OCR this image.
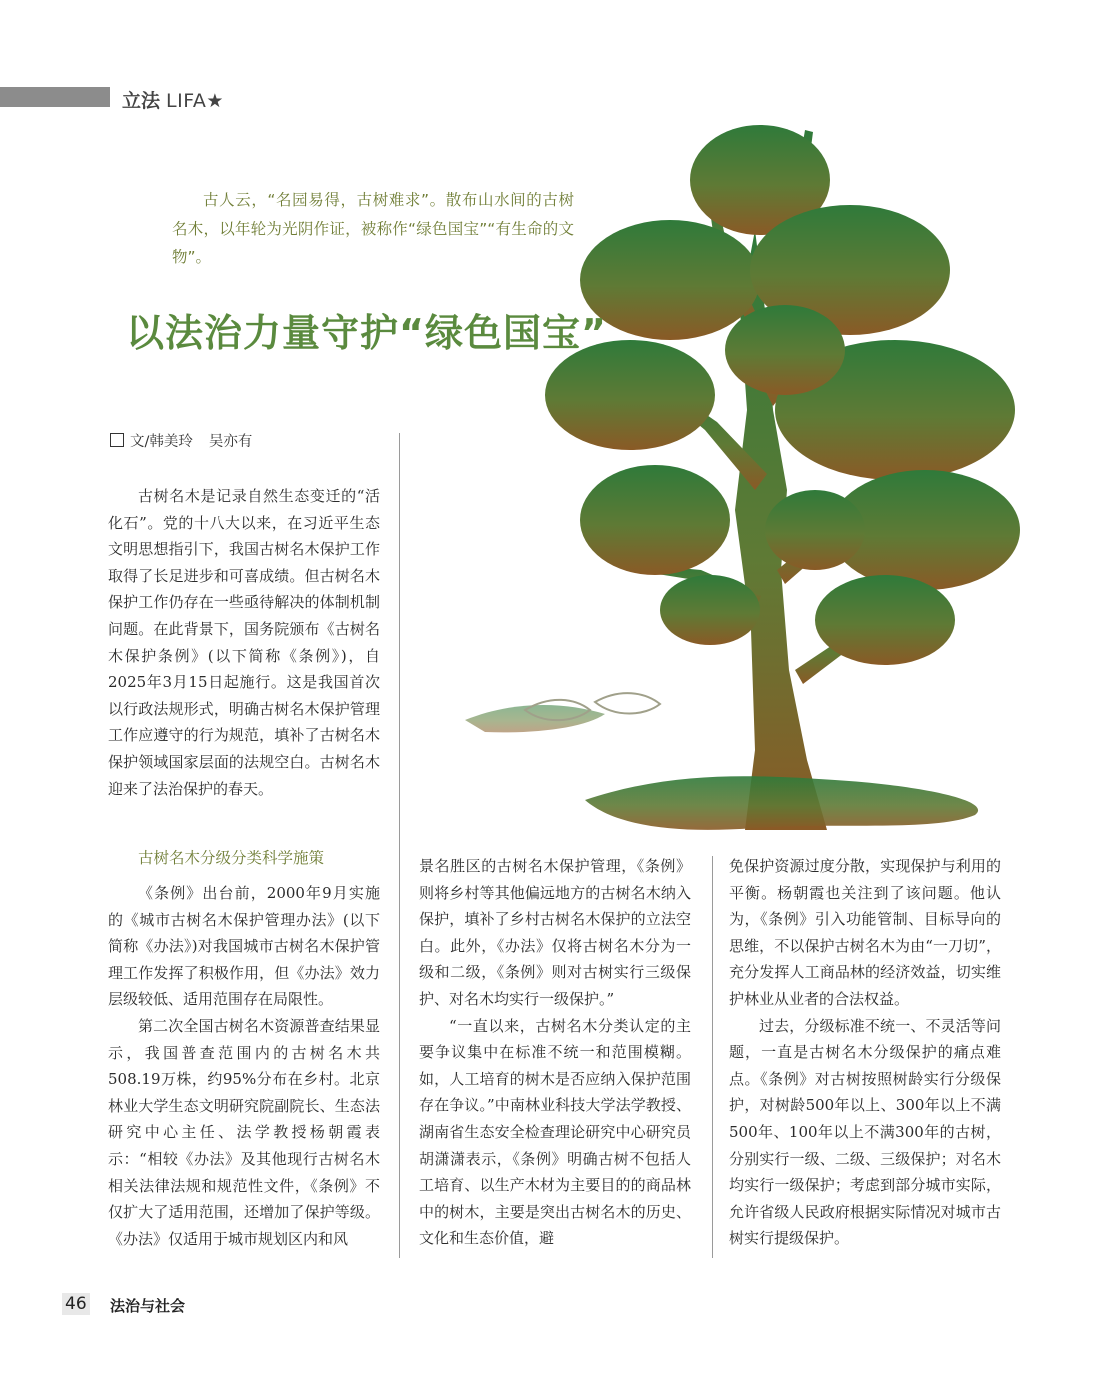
立法 LIFA★

古人云，“名园易得，古树难求”。散布山水间的古树名木，以年轮为光阴作证，被称作“绿色国宝”“有生命的文物”。

以法治力量守护“绿色国宝”
文/韩美玲 吴亦有

古树名木是记录自然生态变迁的“活化石”。党的十八大以来，在习近平生态文明思想指引下，我国古树名木保护工作取得了长足进步和可喜成绩。但古树名木保护工作仍存在一些亟待解决的体制机制问题。在此背景下，国务院颁布《古树名木保护条例》(以下简称《条例》)，自2025年3月15日起施行。这是我国首次以行政法规形式，明确古树名木保护管理工作应遵守的行为规范，填补了古树名木保护领域国家层面的法规空白。古树名木迎来了法治保护的春天。

古树名木分级分类科学施策

《条例》出台前，2000年9月实施的《城市古树名木保护管理办法》(以下简称《办法》)对我国城市古树名木保护管理工作发挥了积极作用，但《办法》效力层级较低、适用范围存在局限性。

第二次全国古树名木资源普查结果显示，我国普查范围内的古树名木共508.19万株，约95%分布在乡村。北京林业大学生态文明研究院副院长、生态法研究中心主任、法学教授杨朝霞表示：“相较《办法》及其他现行古树名木相关法律法规和规范性文件，《条例》不仅扩大了适用范围，还增加了保护等级。《办法》仅适用于城市规划区内和风

景名胜区的古树名木保护管理，《条例》则将乡村等其他偏远地方的古树名木纳入保护，填补了乡村古树名木保护的立法空白。此外，《办法》仅将古树名木分为一级和二级，《条例》则对古树实行三级保护、对名木均实行一级保护。”

“一直以来，古树名木分类认定的主要争议集中在标准不统一和范围模糊。如，人工培育的树木是否应纳入保护范围存在争议。”中南林业科技大学法学教授、湖南省生态安全检查理论研究中心研究员胡潇潇表示，《条例》明确古树不包括人工培育、以生产木材为主要目的的商品林中的树木，主要是突出古树名木的历史、文化和生态价值，避

免保护资源过度分散，实现保护与利用的平衡。杨朝霞也关注到了该问题。他认为，《条例》引入功能管制、目标导向的思维，不以保护古树名木为由“一刀切”，充分发挥人工商品林的经济效益，切实维护林业从业者的合法权益。

过去，分级标准不统一、不灵活等问题，一直是古树名木分级保护的痛点难点。《条例》对古树按照树龄实行分级保护，对树龄500年以上、300年以上不满500年、100年以上不满300年的古树，分别实行一级、二级、三级保护；对名木均实行一级保护；考虑到部分城市实际，允许省级人民政府根据实际情况对城市古树实行提级保护。

46 法治与社会
